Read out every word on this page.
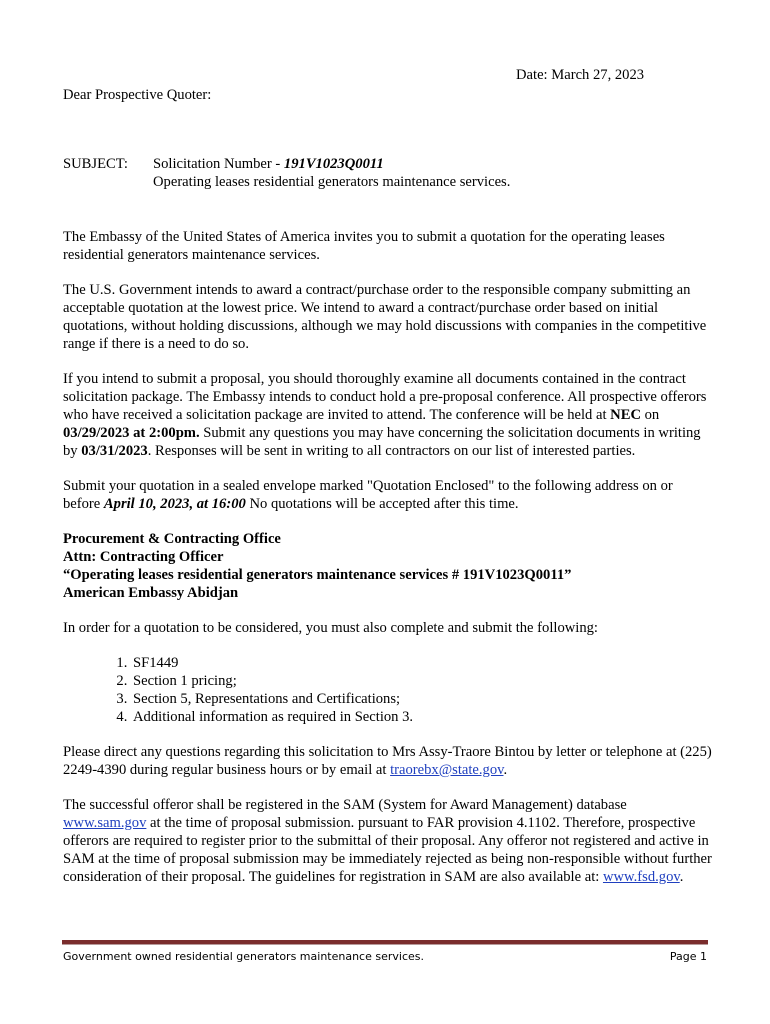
Date: March 27, 2023
Dear Prospective Quoter:
SUBJECT: Solicitation Number - 191V1023Q0011
Operating leases residential generators maintenance services.

The Embassy of the United States of America invites you to submit a quotation for the operating leases residential generators maintenance services.

The U.S. Government intends to award a contract/purchase order to the responsible company submitting an acceptable quotation at the lowest price. We intend to award a contract/purchase order based on initial quotations, without holding discussions, although we may hold discussions with companies in the competitive range if there is a need to do so.

If you intend to submit a proposal, you should thoroughly examine all documents contained in the contract solicitation package. The Embassy intends to conduct hold a pre-proposal conference. All prospective offerors who have received a solicitation package are invited to attend. The conference will be held at NEC on 03/29/2023 at 2:00pm. Submit any questions you may have concerning the solicitation documents in writing by 03/31/2023. Responses will be sent in writing to all contractors on our list of interested parties.

Submit your quotation in a sealed envelope marked "Quotation Enclosed" to the following address on or before April 10, 2023, at 16:00 No quotations will be accepted after this time.

Procurement & Contracting Office
Attn: Contracting Officer
“Operating leases residential generators maintenance services # 191V1023Q0011”
American Embassy Abidjan

In order for a quotation to be considered, you must also complete and submit the following:

1. SF1449
2. Section 1 pricing;
3. Section 5, Representations and Certifications;
4. Additional information as required in Section 3.

Please direct any questions regarding this solicitation to Mrs Assy-Traore Bintou by letter or telephone at (225) 2249-4390 during regular business hours or by email at traorebx@state.gov.

The successful offeror shall be registered in the SAM (System for Award Management) database www.sam.gov at the time of proposal submission. pursuant to FAR provision 4.1102. Therefore, prospective offerors are required to register prior to the submittal of their proposal. Any offeror not registered and active in SAM at the time of proposal submission may be immediately rejected as being non-responsible without further consideration of their proposal. The guidelines for registration in SAM are also available at: www.fsd.gov.

Government owned residential generators maintenance services.	Page 1
